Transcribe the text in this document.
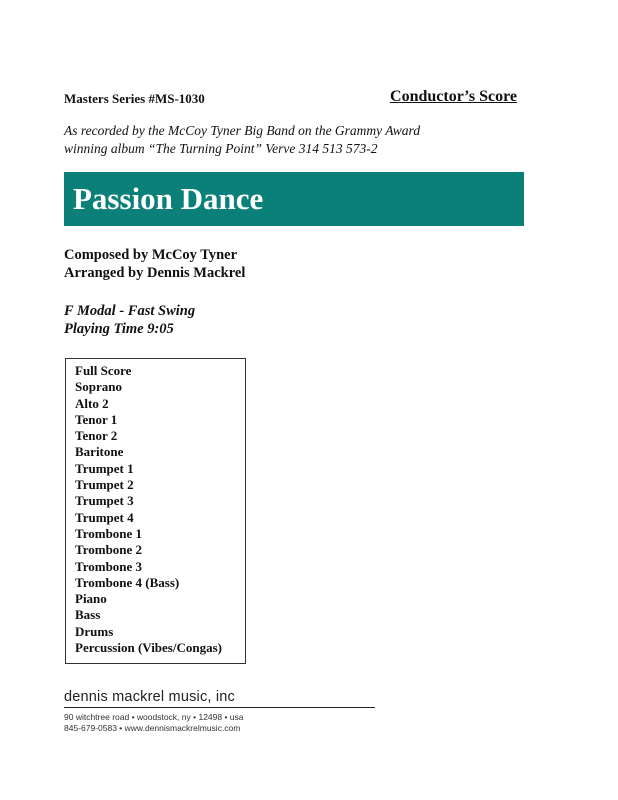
Masters Series #MS-1030	Conductor’s Score
As recorded by the McCoy Tyner Big Band on the Grammy Award
winning album “The Turning Point” Verve 314 513 573-2
Passion Dance
Composed by McCoy Tyner
Arranged by Dennis Mackrel
F Modal - Fast Swing
Playing Time 9:05
Full Score
Soprano
Alto 2
Tenor 1
Tenor 2
Baritone
Trumpet 1
Trumpet 2
Trumpet 3
Trumpet 4
Trombone 1
Trombone 2
Trombone 3
Trombone 4 (Bass)
Piano
Bass
Drums
Percussion (Vibes/Congas)
dennis mackrel music, inc
90 witchtree road • woodstock, ny • 12498 • usa
845-679-0583 • www.dennismackrelmusic.com
